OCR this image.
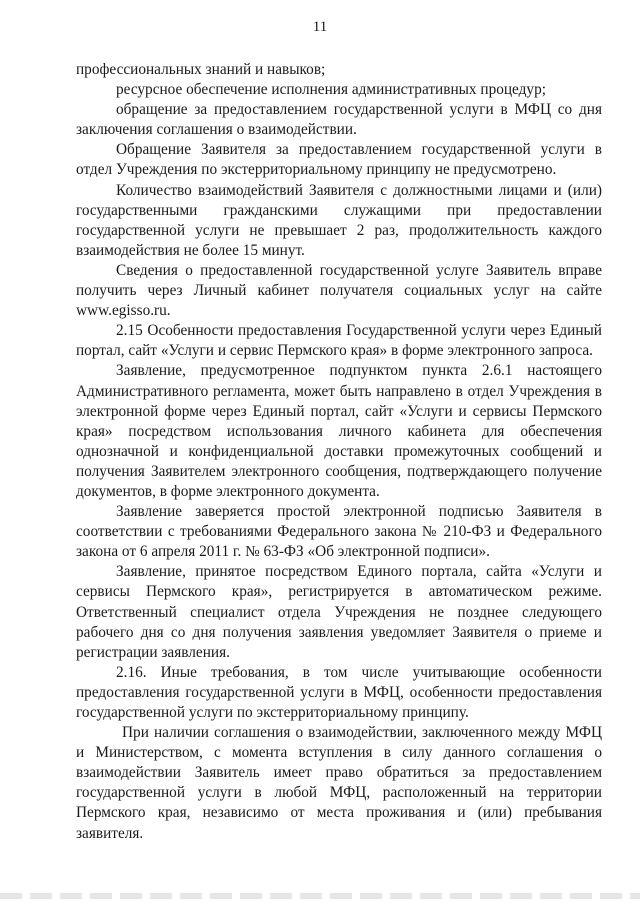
11

профессиональных знаний и навыков;

ресурсное обеспечение исполнения административных процедур;

обращение за предоставлением государственной услуги в МФЦ со дня заключения соглашения о взаимодействии.

Обращение Заявителя за предоставлением государственной услуги в отдел Учреждения по экстерриториальному принципу не предусмотрено.

Количество взаимодействий Заявителя с должностными лицами и (или) государственными гражданскими служащими при предоставлении государственной услуги не превышает 2 раз, продолжительность каждого взаимодействия не более 15 минут.

Сведения о предоставленной государственной услуге Заявитель вправе получить через Личный кабинет получателя социальных услуг на сайте www.egisso.ru.

2.15 Особенности предоставления Государственной услуги через Единый портал, сайт «Услуги и сервис Пермского края» в форме электронного запроса.

Заявление, предусмотренное подпунктом пункта 2.6.1 настоящего Административного регламента, может быть направлено в отдел Учреждения в электронной форме через Единый портал, сайт «Услуги и сервисы Пермского края» посредством использования личного кабинета для обеспечения однозначной и конфиденциальной доставки промежуточных сообщений и получения Заявителем электронного сообщения, подтверждающего получение документов, в форме электронного документа.

Заявление заверяется простой электронной подписью Заявителя в соответствии с требованиями Федерального закона № 210-ФЗ и Федерального закона от 6 апреля 2011 г. № 63-ФЗ «Об электронной подписи».

Заявление, принятое посредством Единого портала, сайта «Услуги и сервисы Пермского края», регистрируется в автоматическом режиме. Ответственный специалист отдела Учреждения не позднее следующего рабочего дня со дня получения заявления уведомляет Заявителя о приеме и регистрации заявления.

2.16. Иные требования, в том числе учитывающие особенности предоставления государственной услуги в МФЦ, особенности предоставления государственной услуги по экстерриториальному принципу.

При наличии соглашения о взаимодействии, заключенного между МФЦ и Министерством, с момента вступления в силу данного соглашения о взаимодействии Заявитель имеет право обратиться за предоставлением государственной услуги в любой МФЦ, расположенный на территории Пермского края, независимо от места проживания и (или) пребывания заявителя.
